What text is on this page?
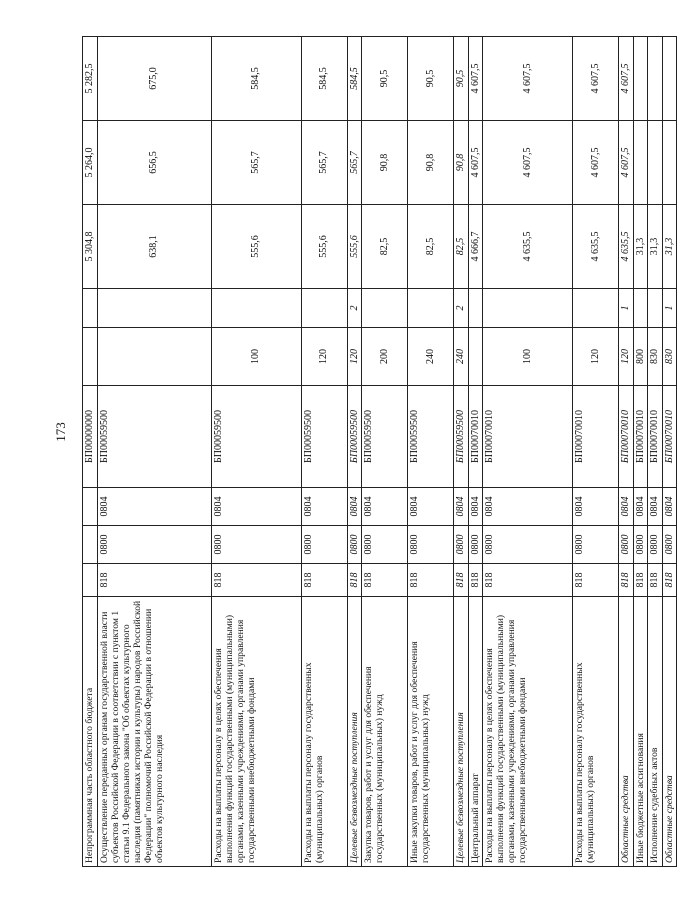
173
Непрограммная часть областного бюджета				БП00000000			5 304,8	5 264,0	5 282,5
Осуществление переданных органам государственной власти субъектов Российской Федерации в соответствии с пунктом 1 статьи 9.1 Федерального закона "Об объектах культурного наследия (памятниках истории и культуры) народов Российской Федерации" полномочий Российской Федерации в отношении объектов культурного наследия	818	0800	0804	БП00059500			638,1	656,5	675,0
Расходы на выплаты персоналу в целях обеспечения выполнения функций государственными (муниципальными) органами, казенными учреждениями, органами управления государственными внебюджетными фондами	818	0800	0804	БП00059500	100		555,6	565,7	584,5
Расходы на выплаты персоналу государственных (муниципальных) органов	818	0800	0804	БП00059500	120		555,6	565,7	584,5
Целевые безвозмездные поступления	818	0800	0804	БП00059500	120	2	555,6	565,7	584,5
Закупка товаров, работ и услуг для обеспечения государственных (муниципальных) нужд	818	0800	0804	БП00059500	200		82,5	90,8	90,5
Иные закупки товаров, работ и услуг для обеспечения государственных (муниципальных) нужд	818	0800	0804	БП00059500	240		82,5	90,8	90,5
Целевые безвозмездные поступления	818	0800	0804	БП00059500	240	2	82,5	90,8	90,5
Центральный аппарат	818	0800	0804	БП00070010			4 666,7	4 607,5	4 607,5
Расходы на выплаты персоналу в целях обеспечения выполнения функций государственными (муниципальными) органами, казенными учреждениями, органами управления государственными внебюджетными фондами	818	0800	0804	БП00070010	100		4 635,5	4 607,5	4 607,5
Расходы на выплаты персоналу государственных (муниципальных) органов	818	0800	0804	БП00070010	120		4 635,5	4 607,5	4 607,5
Областные средства	818	0800	0804	БП00070010	120	1	4 635,5	4 607,5	4 607,5
Иные бюджетные ассигнования	818	0800	0804	БП00070010	800		31,3		
Исполнение судебных актов	818	0800	0804	БП00070010	830		31,3		
Областные средства	818	0800	0804	БП00070010	830	1	31,3		
